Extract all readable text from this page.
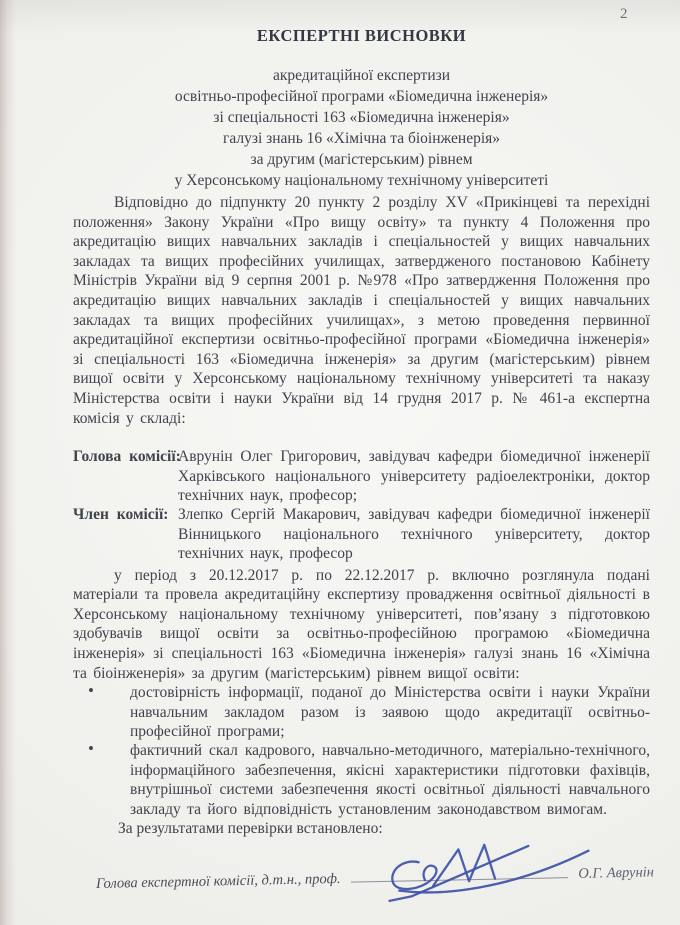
2
ЕКСПЕРТНІ ВИСНОВКИ
акредитаційної експертизи
освітньо-професійної програми «Біомедична інженерія»
зі спеціальності 163 «Біомедична інженерія»
галузі знань 16 «Хімічна та біоінженерія»
за другим (магістерським) рівнем
у Херсонському національному технічному університеті
Відповідно до підпункту 20 пункту 2 розділу XV «Прикінцеві та перехідні положення» Закону України «Про вищу освіту» та пункту 4 Положення про акредитацію вищих навчальних закладів і спеціальностей у вищих навчальних закладах та вищих професійних училищах, затвердженого постановою Кабінету Міністрів України від 9 серпня 2001 р. №978 «Про затвердження Положення про акредитацію вищих навчальних закладів і спеціальностей у вищих навчальних закладах та вищих професійних училищах», з метою проведення первинної акредитаційної експертизи освітньо-професійної програми «Біомедична інженерія» зі спеціальності 163 «Біомедична інженерія» за другим (магістерським) рівнем вищої освіти у Херсонському національному технічному університеті та наказу Міністерства освіти і науки України від 14 грудня 2017 р. № 461-а експертна комісія у складі:
Голова комісії:
Аврунін Олег Григорович, завідувач кафедри біомедичної інженерії Харківського національного університету радіоелектроніки, доктор технічних наук, професор;
Член комісії: Злепко Сергій Макарович, завідувач кафедри біомедичної інженерії Вінницького національного технічного університету, доктор технічних наук, професор
у період з 20.12.2017 р. по 22.12.2017 р. включно розглянула подані матеріали та провела акредитаційну експертизу провадження освітньої діяльності в Херсонському національному технічному університеті, пов’язану з підготовкою здобувачів вищої освіти за освітньо-професійною програмою «Біомедична інженерія» зі спеціальності 163 «Біомедична інженерія» галузі знань 16 «Хімічна та біоінженерія» за другим (магістерським) рівнем вищої освіти:
• достовірність інформації, поданої до Міністерства освіти і науки України навчальним закладом разом із заявою щодо акредитації освітньо-професійної програми;
• фактичний скал кадрового, навчально-методичного, матеріально-технічного, інформаційного забезпечення, якісні характеристики підготовки фахівців, внутрішньої системи забезпечення якості освітньої діяльності навчального закладу та його відповідність установленим законодавством вимогам.
За результатами перевірки встановлено:
Голова експертної комісії, д.т.н., проф.	О.Г. Аврунін
